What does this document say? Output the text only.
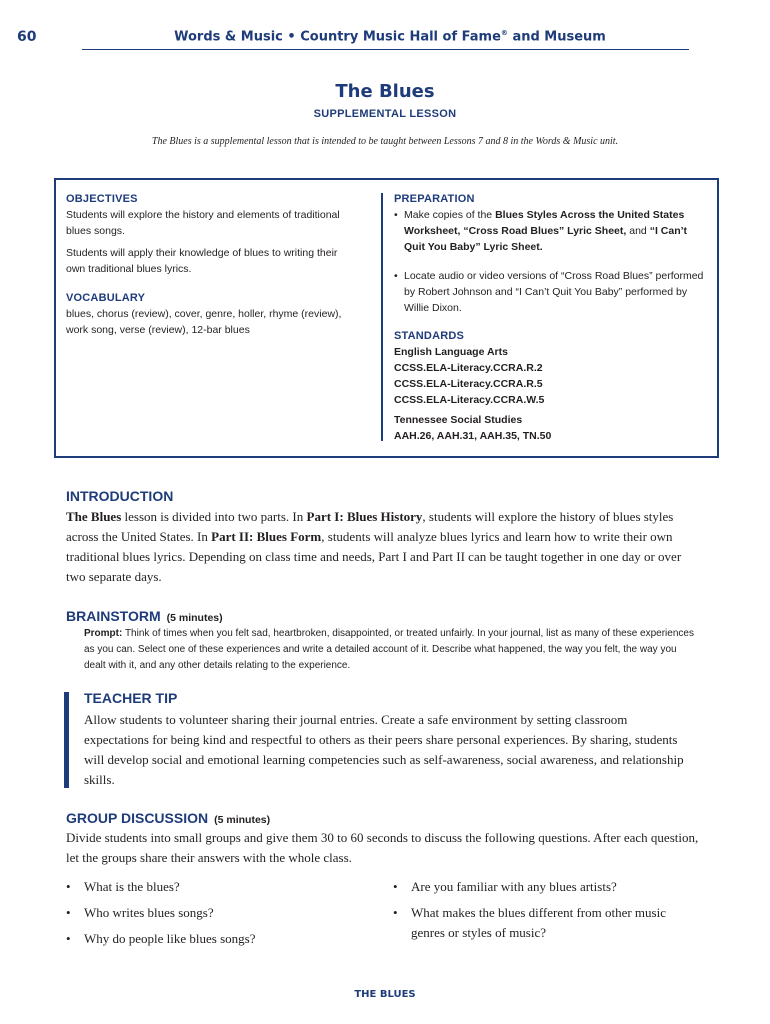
60	Words & Music • Country Music Hall of Fame® and Museum
The Blues
SUPPLEMENTAL LESSON
The Blues is a supplemental lesson that is intended to be taught between Lessons 7 and 8 in the Words & Music unit.
OBJECTIVES
Students will explore the history and elements of traditional blues songs.
Students will apply their knowledge of blues to writing their own traditional blues lyrics.
VOCABULARY
blues, chorus (review), cover, genre, holler, rhyme (review), work song, verse (review), 12-bar blues
PREPARATION
• Make copies of the Blues Styles Across the United States Worksheet, “Cross Road Blues” Lyric Sheet, and “I Can’t Quit You Baby” Lyric Sheet.
• Locate audio or video versions of “Cross Road Blues” performed by Robert Johnson and “I Can’t Quit You Baby” performed by Willie Dixon.
STANDARDS
English Language Arts
CCSS.ELA-Literacy.CCRA.R.2
CCSS.ELA-Literacy.CCRA.R.5
CCSS.ELA-Literacy.CCRA.W.5
Tennessee Social Studies
AAH.26, AAH.31, AAH.35, TN.50
INTRODUCTION
The Blues lesson is divided into two parts. In Part I: Blues History, students will explore the history of blues styles across the United States. In Part II: Blues Form, students will analyze blues lyrics and learn how to write their own traditional blues lyrics. Depending on class time and needs, Part I and Part II can be taught together in one day or over two separate days.
BRAINSTORM (5 minutes)
Prompt: Think of times when you felt sad, heartbroken, disappointed, or treated unfairly. In your journal, list as many of these experiences as you can. Select one of these experiences and write a detailed account of it. Describe what happened, the way you felt, the way you dealt with it, and any other details relating to the experience.
TEACHER TIP
Allow students to volunteer sharing their journal entries. Create a safe environment by setting classroom expectations for being kind and respectful to others as their peers share personal experiences. By sharing, students will develop social and emotional learning competencies such as self-awareness, social awareness, and relationship skills.
GROUP DISCUSSION (5 minutes)
Divide students into small groups and give them 30 to 60 seconds to discuss the following questions. After each question, let the groups share their answers with the whole class.
• What is the blues?
• Who writes blues songs?
• Why do people like blues songs?
• Are you familiar with any blues artists?
• What makes the blues different from other music genres or styles of music?
THE BLUES
